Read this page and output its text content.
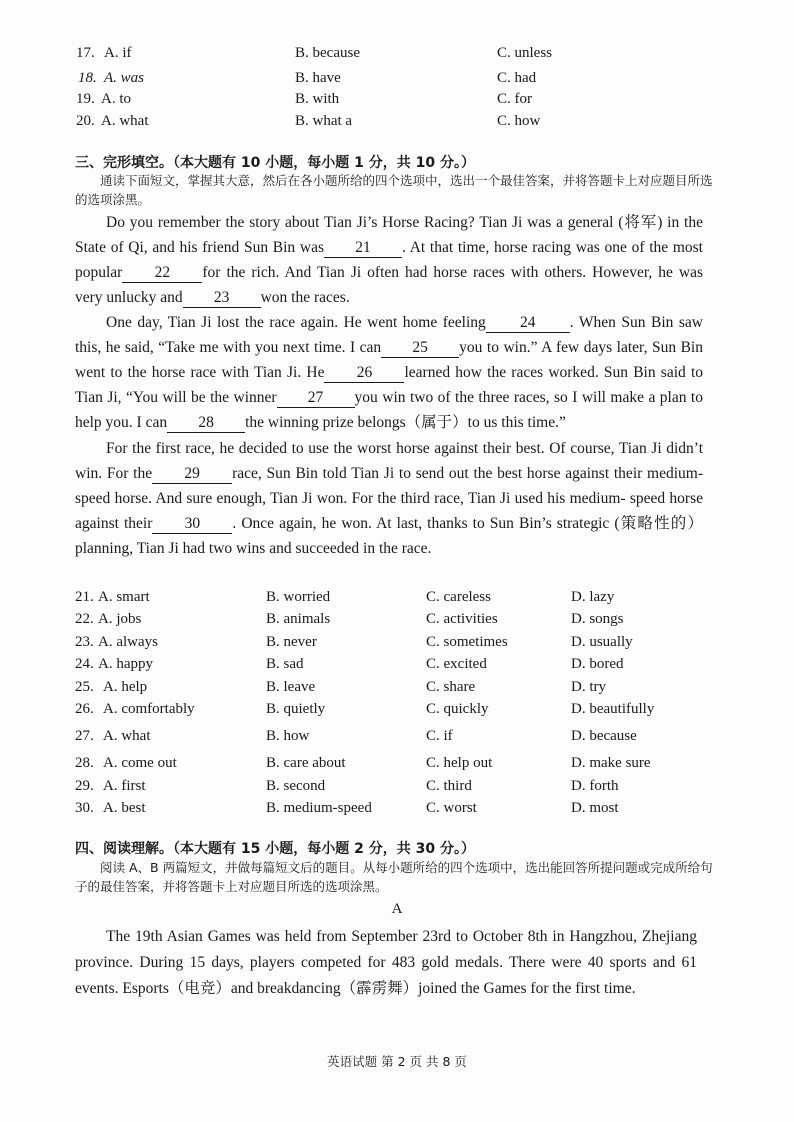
17. A. if	B. because	C. unless
18. A. was	B. have	C. had
19. A. to	B. with	C. for
20. A. what	B. what a	C. how
三、完形填空。（本大题有 10 小题，每小题 1 分，共 10 分。）
通读下面短文，掌握其大意，然后在各小题所给的四个选项中，选出一个最佳答案，并将答题卡上对应题目所选的选项涂黑。
Do you remember the story about Tian Ji’s Horse Racing? Tian Ji was a general (将军) in the State of Qi, and his friend Sun Bin was 21 . At that time, horse racing was one of the most popular 22 for the rich. And Tian Ji often had horse races with others. However, he was very unlucky and 23 won the races.
One day, Tian Ji lost the race again. He went home feeling 24 . When Sun Bin saw this, he said, “Take me with you next time. I can 25 you to win.” A few days later, Sun Bin went to the horse race with Tian Ji. He 26 learned how the races worked. Sun Bin said to Tian Ji, “You will be the winner 27 you win two of the three races, so I will make a plan to help you. I can 28 the winning prize belongs（属于）to us this time.”
For the first race, he decided to use the worst horse against their best. Of course, Tian Ji didn’t win. For the 29 race, Sun Bin told Tian Ji to send out the best horse against their medium-speed horse. And sure enough, Tian Ji won. For the third race, Tian Ji used his medium- speed horse against their 30 . Once again, he won. At last, thanks to Sun Bin’s strategic (策略性的）planning, Tian Ji had two wins and succeeded in the race.
21. A. smart	B. worried	C. careless	D. lazy
22. A. jobs	B. animals	C. activities	D. songs
23. A. always	B. never	C. sometimes	D. usually
24. A. happy	B. sad	C. excited	D. bored
25. A. help	B. leave	C. share	D. try
26. A. comfortably	B. quietly	C. quickly	D. beautifully
27. A. what	B. how	C. if	D. because
28. A. come out	B. care about	C. help out	D. make sure
29. A. first	B. second	C. third	D. forth
30. A. best	B. medium-speed	C. worst	D. most
四、阅读理解。（本大题有 15 小题，每小题 2 分，共 30 分。）
阅读 A、B 两篇短文，并做每篇短文后的题目。从每小题所给的四个选项中，选出能回答所提问题或完成所给句子的最佳答案，并将答题卡上对应题目所选的选项涂黑。
A
The 19th Asian Games was held from September 23rd to October 8th in Hangzhou, Zhejiang province. During 15 days, players competed for 483 gold medals. There were 40 sports and 61 events. Esports（电竞）and breakdancing（霹雳舞）joined the Games for the first time.
英语试题 第 2 页 共 8 页
